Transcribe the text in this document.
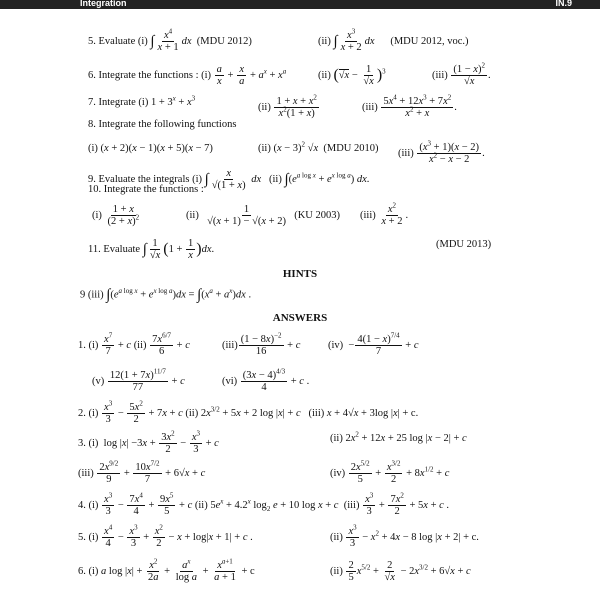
Integration	IN.9
5. Evaluate (i) ∫ $\frac{x^4}{x + 1}$ dx (MDU 2012)	(ii) ∫ $\frac{x^3}{x + 2}$ dx (MDU 2012, voc.)
6. Integrate the functions : $(i) \frac{a}{x} + \frac{x}{a} + a^x + x^a$	(ii) $(√x - \frac{1}{√x} )^3$	$(iii) \frac{(1 - x)^2}{√x}$ .
7. Integrate (i) $1 + 3^x + x^3$
$(ii) \frac{1 + x + x^2}{x^2(1 + x)}$	$(iii) \frac{5x^4 + 12x^3 + 7x^2}{x^2 + x}$ .
8. Integrate the following functions
(i) (x + 2)(x − 1)(x + 5)(x − 7)	(ii) $(x - 3)^2$ √x (MDU 2010) $(iii) \frac{(x^3 + 1)(x - 2)}{x^2 - x - 2}$ .
9. Evaluate the integrals (i) ∫ $\frac{x}{√(1 + x)}$ dx (ii) $\int(e^{a log x} + e^{x log a})$ dx.
10. Integrate the functions :
$(i) \frac{1 + x}{(2 + x)^2}$	$(ii) \frac{1}{√(x + 1) - √(x + 2)} (KU$ 2003) $(iii) \frac{x^2}{x + 2}$ .
11. Evaluate ∫ $\frac{1}{√x} (1 + \frac{1}{x} )dx$.	(MDU 2013)
HINTS
9 (iii) $\int(e^{a log x} + e^{x log a})dx = \int(x^a + a^x)dx$ .
ANSWERS
1. $(i) \frac{x^7}{7} + c$ $(ii) \frac{7x^{6/7}}{6} + c$	$(iii) \frac{(1 - 8x)^{-2}}{16} + c$	$(iv) - \frac{4(1 - x)^{7/4}}{7} + c$
$(v) \frac{12(1 + 7x)^{11/7}}{77} + c$	$(vi) \frac{(3x - 4)^{4/3}}{4} + c$ .
2. $(i) \frac{x^3}{3} - \frac{5x^2}{2} + 7x + c$ (ii) $2x^{3/2} + 5x + 2$ log |x| + c   (iii) x + 4√x + 3log |x| + c.
3. (i)  $\log |x| -3x + \frac{3x^2}{2} - \frac{x^3}{3} + c$	(ii) $2x^2 + 12x + 25$ log |x − 2| + c
$(iii) \frac{2x^{9/2}}{9} + \frac{10x^{7/2}}{7} + 6√x + c$	$(iv) \frac{2x^{5/2}}{5} + \frac{x^{3/2}}{2} + 8x^{1/2} + c$
4. $(i) \frac{x^3}{3} - \frac{7x^4}{4} + \frac{9x^5}{5} + c$ (ii) $5e^x + 4.2^x$ $\log_2 e + 10$ log x + c  $(iii) \frac{x^3}{3} + \frac{7x^2}{2} + 5x + c$ .
5. $(i) \frac{x^4}{4} - \frac{x^3}{3} + \frac{x^2}{2} - x + \log|x + 1| + c$ .	$(ii) \frac{x^3}{3} - x^2 + 4x - 8$ log |x + 2| + c.
6. (i) a $\log |x| + \frac{x^2}{2a} + \frac{a^x}{\text{log a}} + \frac{x^{a+1}}{a + 1} + c$	$(ii) \frac{2}{5} x^{5/2} + \frac{2}{√x} - 2x^{3/2} + 6√x + c$
